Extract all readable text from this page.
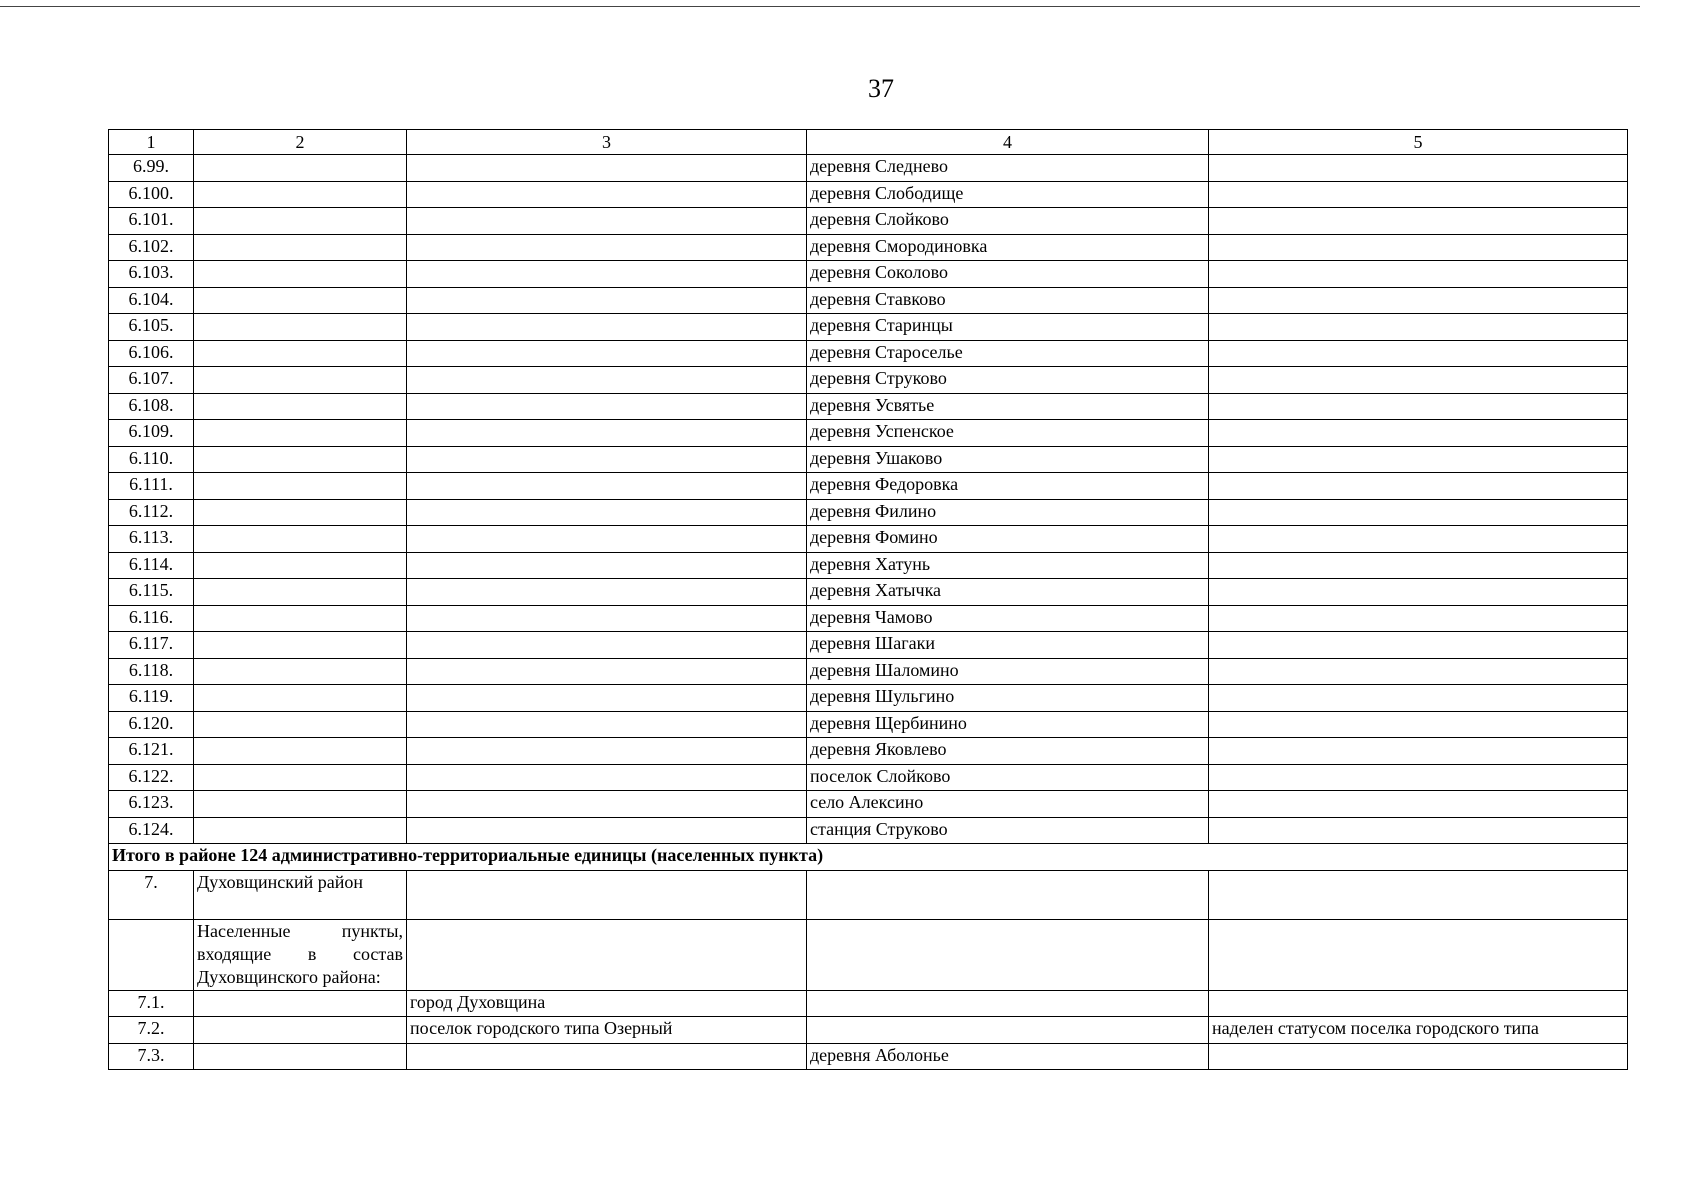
37
1	2	3	4	5
6.99.			деревня Следнево	
6.100.			деревня Слободище	
6.101.			деревня Слойково	
6.102.			деревня Смородиновка	
6.103.			деревня Соколово	
6.104.			деревня Ставково	
6.105.			деревня Старинцы	
6.106.			деревня Староселье	
6.107.			деревня Струково	
6.108.			деревня Усвятье	
6.109.			деревня Успенское	
6.110.			деревня Ушаково	
6.111.			деревня Федоровка	
6.112.			деревня Филино	
6.113.			деревня Фомино	
6.114.			деревня Хатунь	
6.115.			деревня Хатычка	
6.116.			деревня Чамово	
6.117.			деревня Шагаки	
6.118.			деревня Шаломино	
6.119.			деревня Шульгино	
6.120.			деревня Щербинино	
6.121.			деревня Яковлево	
6.122.			поселок Слойково	
6.123.			село Алексино	
6.124.			станция Струково	
Итого в районе 124 административно-территориальные единицы (населенных пункта)				
7.	Духовщинский район			

	Населенные пункты,
входящие в состав
Духовщинского района:			

7.1.		город Духовщина		
7.2.		поселок городского типа Озерный		наделен статусом поселка городского типа
7.3.			деревня Аболонье	
